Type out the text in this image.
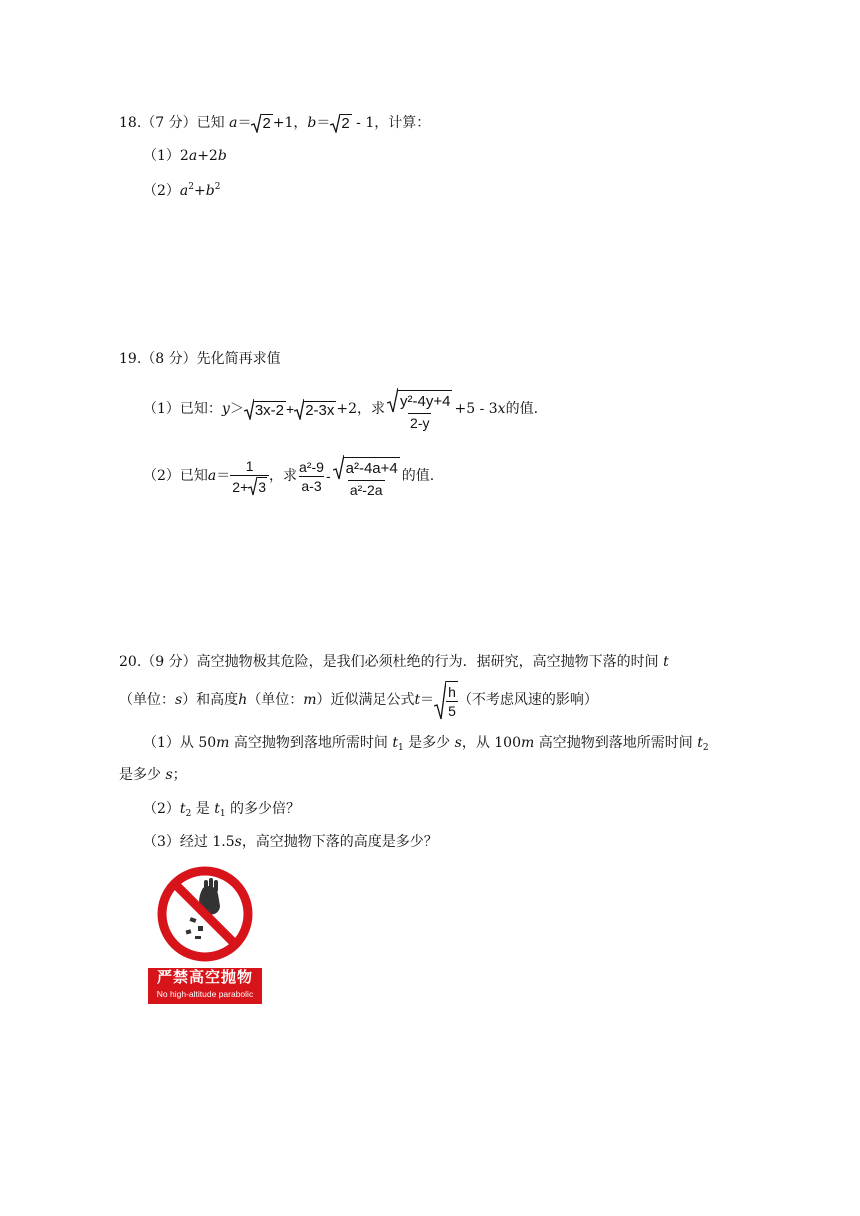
18.（7 分）已知 a＝ 2 +1，b＝ 2 - 1，计算：
（1）2a+2b
$(2)a^2+b^2$
19.（8 分）先化简再求值
（1）已知： y ＞ 3x-2 + 2-3x +2，求 $\frac{\text{y²-4y+4}}{2-y} +5 - 3$ x 的值.
（2）已知 $a = \frac{1}{2+ 3}$ ，求 $\frac{\text{a²-9}}{a-3} - \frac{\text{a²-4a+4}}{\text{a²-2a}}$ 的值.
20.（9 分）高空抛物极其危险，是我们必须杜绝的行为．据研究，高空抛物下落的时间 t
（单位： s ）和高度 h （单位： m ）近似满足公式 $t = \frac{h}{5}$ （不考虑风速的影响）
（1）从 50m 高空抛物到落地所需时间 $t_1$ 是多少 s，从 100m 高空抛物到落地所需时间 $t_2$
是多少 s；
$(2)t_2$ 是 $t_1$ 的多少倍？
（3）经过 1.5s，高空抛物下落的高度是多少？
严禁高空抛物
No high-altitude parabolic
